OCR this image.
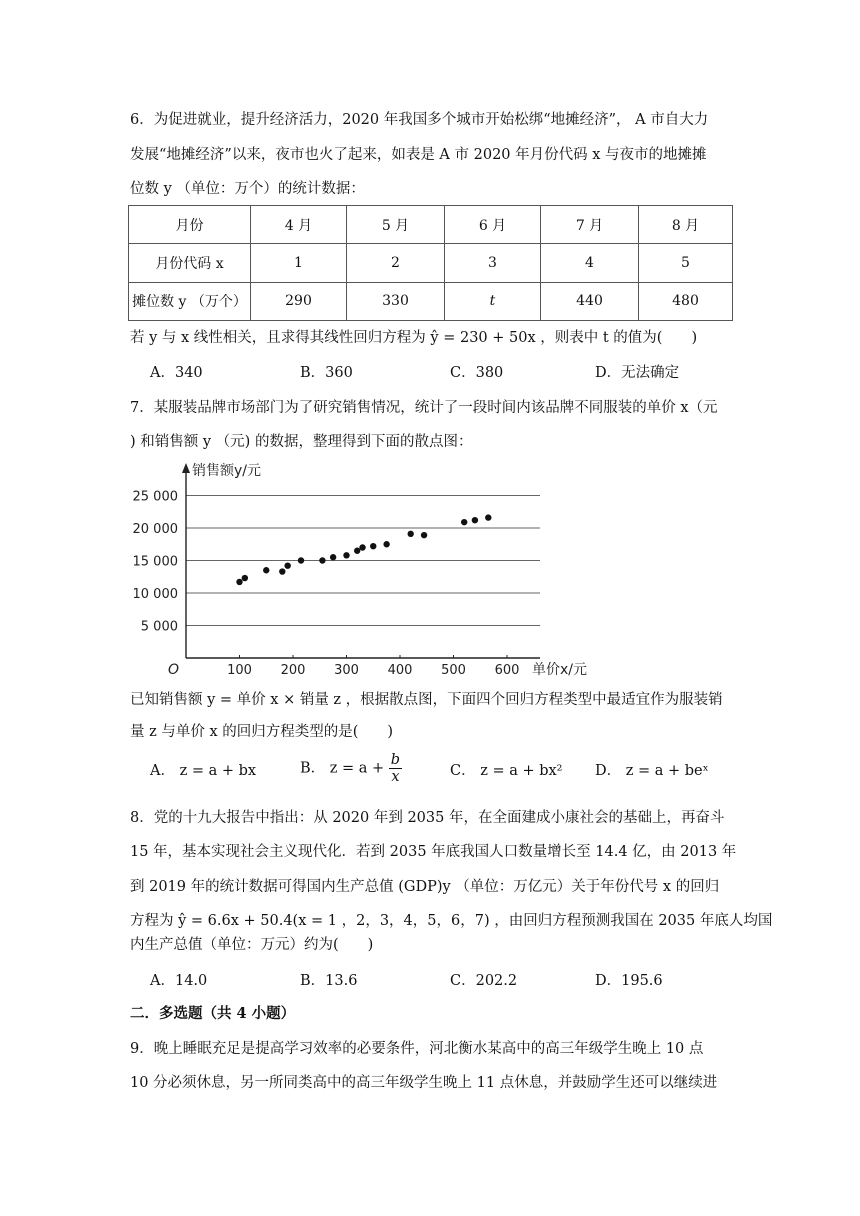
6．为促进就业，提升经济活力，2020 年我国多个城市开始松绑“地摊经济”， A 市自大力
发展“地摊经济”以来，夜市也火了起来，如表是 A 市 2020 年月份代码 x 与夜市的地摊摊
位数 y （单位：万个）的统计数据：
月份	4 月	5 月	6 月	7 月	8 月
月份代码 x	1	2	3	4	5
摊位数 y （万个）	290	330	t	440	480
若 y 与 x 线性相关，且求得其线性回归方程为 ŷ = 230 + 50x ，则表中 t 的值为(　　)
A．340	B．360	C．380	D．无法确定
7．某服装品牌市场部门为了研究销售情况，统计了一段时间内该品牌不同服装的单价 x（元
) 和销售额 y （元) 的数据，整理得到下面的散点图：
5 000
10 000
15 000
20 000
25 000
100 200 300 400 500 600
销售额y/元
单价x/元
O
已知销售额 y = 单价 x × 销量 z ，根据散点图，下面四个回归方程类型中最适宜作为服装销
量 z 与单价 x 的回归方程类型的是(　　)
A． z = a + bx	B． $z = a + \frac{b}{x}$	C． z = a + bx² D． z = a + beˣ
8．党的十九大报告中指出：从 2020 年到 2035 年，在全面建成小康社会的基础上，再奋斗
15 年，基本实现社会主义现代化．若到 2035 年底我国人口数量增长至 14.4 亿，由 2013 年
到 2019 年的统计数据可得国内生产总值 (GDP)y （单位：万亿元）关于年份代号 x 的回归
方程为 ŷ = 6.6x + 50.4(x = 1 ，2，3，4，5，6，7) ，由回归方程预测我国在 2035 年底人均国
内生产总值（单位：万元）约为(　　)
A．14.0	B．13.6	C．202.2	D．195.6
二．多选题（共 4 小题）
9．晚上睡眠充足是提高学习效率的必要条件，河北衡水某高中的高三年级学生晚上 10 点
10 分必须休息，另一所同类高中的高三年级学生晚上 11 点休息，并鼓励学生还可以继续进
